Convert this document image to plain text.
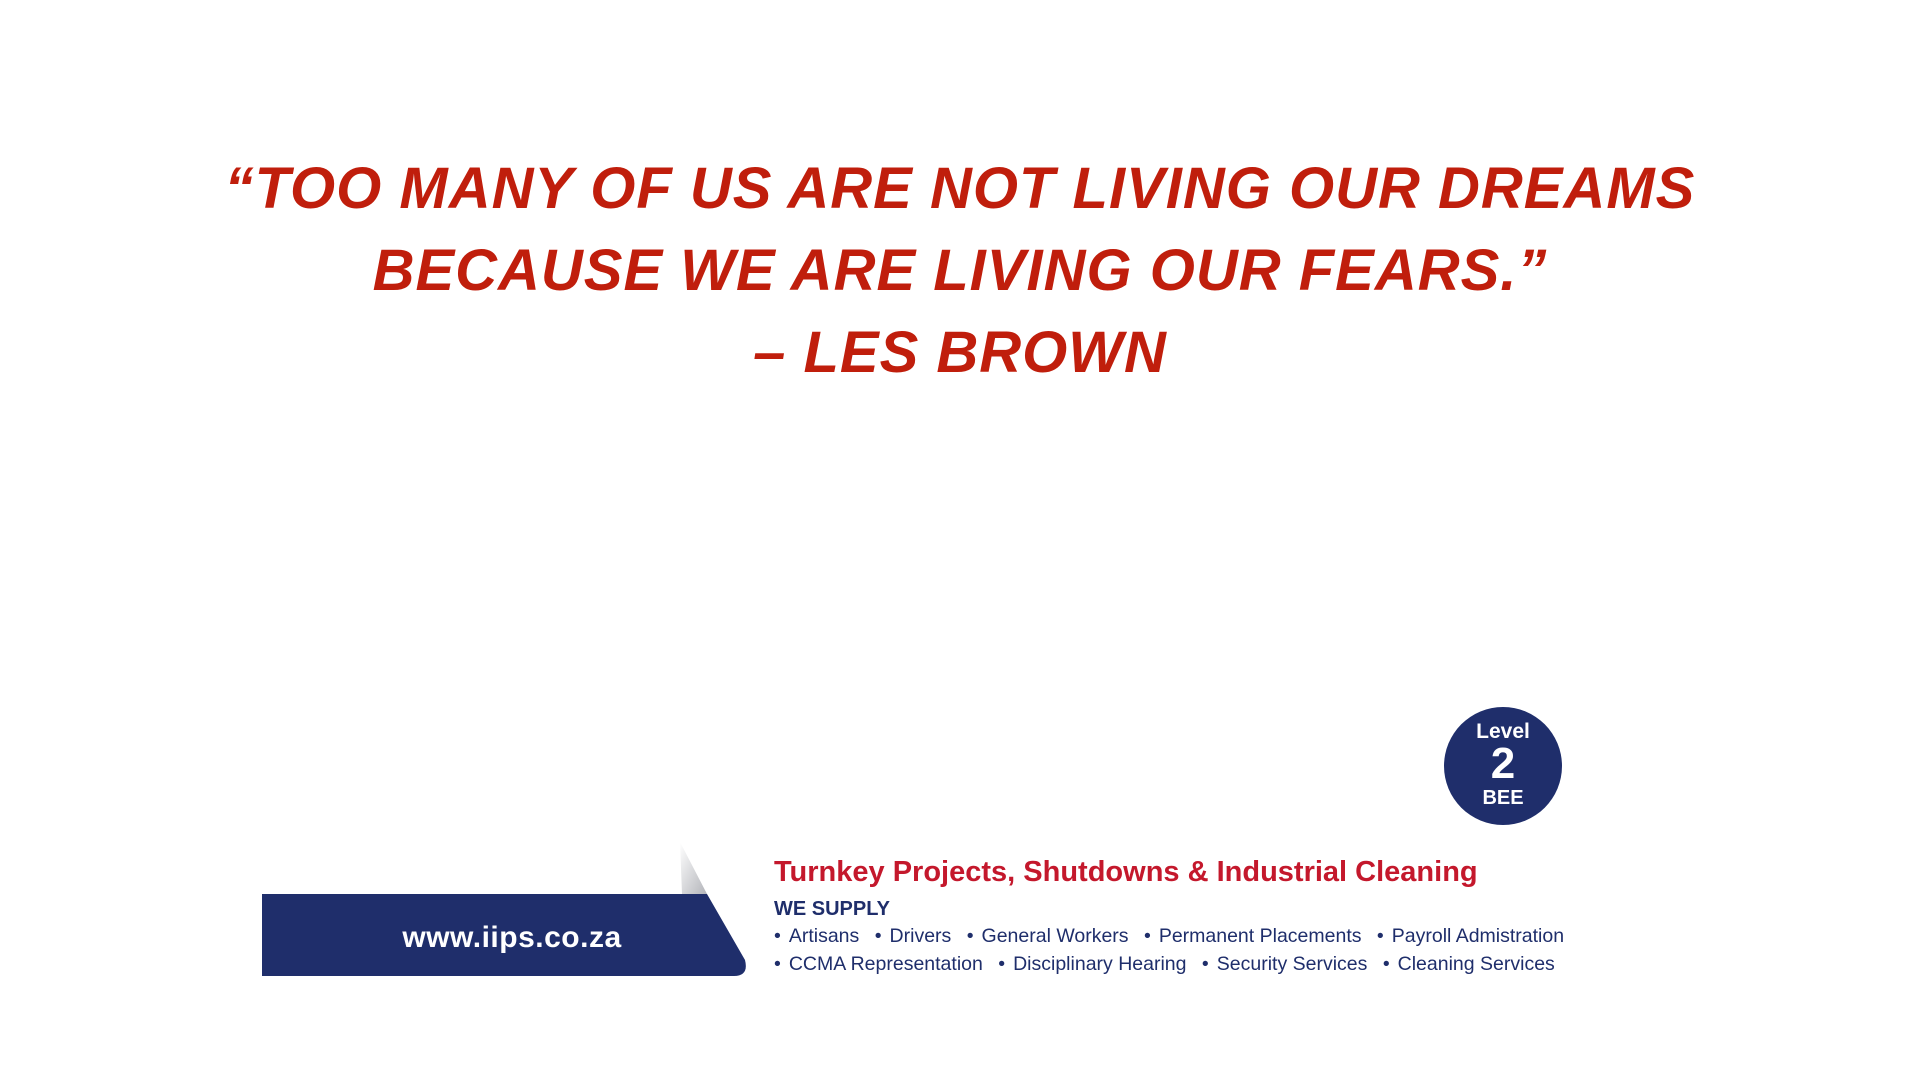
“TOO MANY OF US ARE NOT LIVING OUR DREAMS
BECAUSE WE ARE LIVING OUR FEARS.”
– LES BROWN
Level
2
BEE
www.iips.co.za
Turnkey Projects, Shutdowns & Industrial Cleaning
WE SUPPLY
• Artisans • Drivers • General Workers • Permanent Placements • Payroll Admistration
• CCMA Representation • Disciplinary Hearing • Security Services • Cleaning Services
